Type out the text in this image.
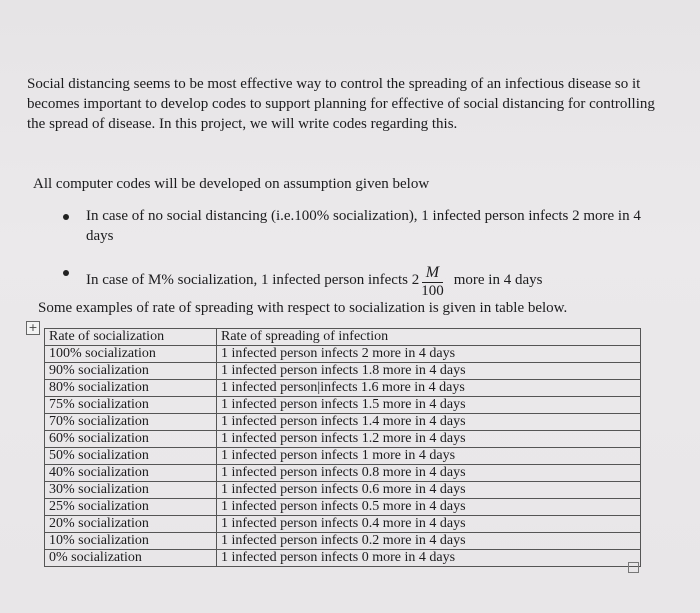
Social distancing seems to be most effective way to control the spreading of an infectious disease so it becomes important to develop codes to support planning for effective of social distancing for controlling the spread of disease. In this project, we will write codes regarding this.

All computer codes will be developed on assumption given below
In case of no social distancing (i.e.100% socialization), 1 infected person infects 2 more in 4 days
In case of M% socialization, 1 infected person infects $2 \frac{M}{100}$ more in 4 days
Some examples of rate of spreading with respect to socialization is given in table below.
+
Rate of socialization	Rate of spreading of infection
100% socialization	1 infected person infects 2 more in 4 days
90% socialization	1 infected person infects 1.8 more in 4 days
80% socialization	1 infected person|infects 1.6 more in 4 days
75% socialization	1 infected person infects 1.5 more in 4 days
70% socialization	1 infected person infects 1.4 more in 4 days
60% socialization	1 infected person infects 1.2 more in 4 days
50% socialization	1 infected person infects 1 more in 4 days
40% socialization	1 infected person infects 0.8 more in 4 days
30% socialization	1 infected person infects 0.6 more in 4 days
25% socialization	1 infected person infects 0.5 more in 4 days
20% socialization	1 infected person infects 0.4 more in 4 days
10% socialization	1 infected person infects 0.2 more in 4 days
0% socialization	1 infected person infects 0 more in 4 days
